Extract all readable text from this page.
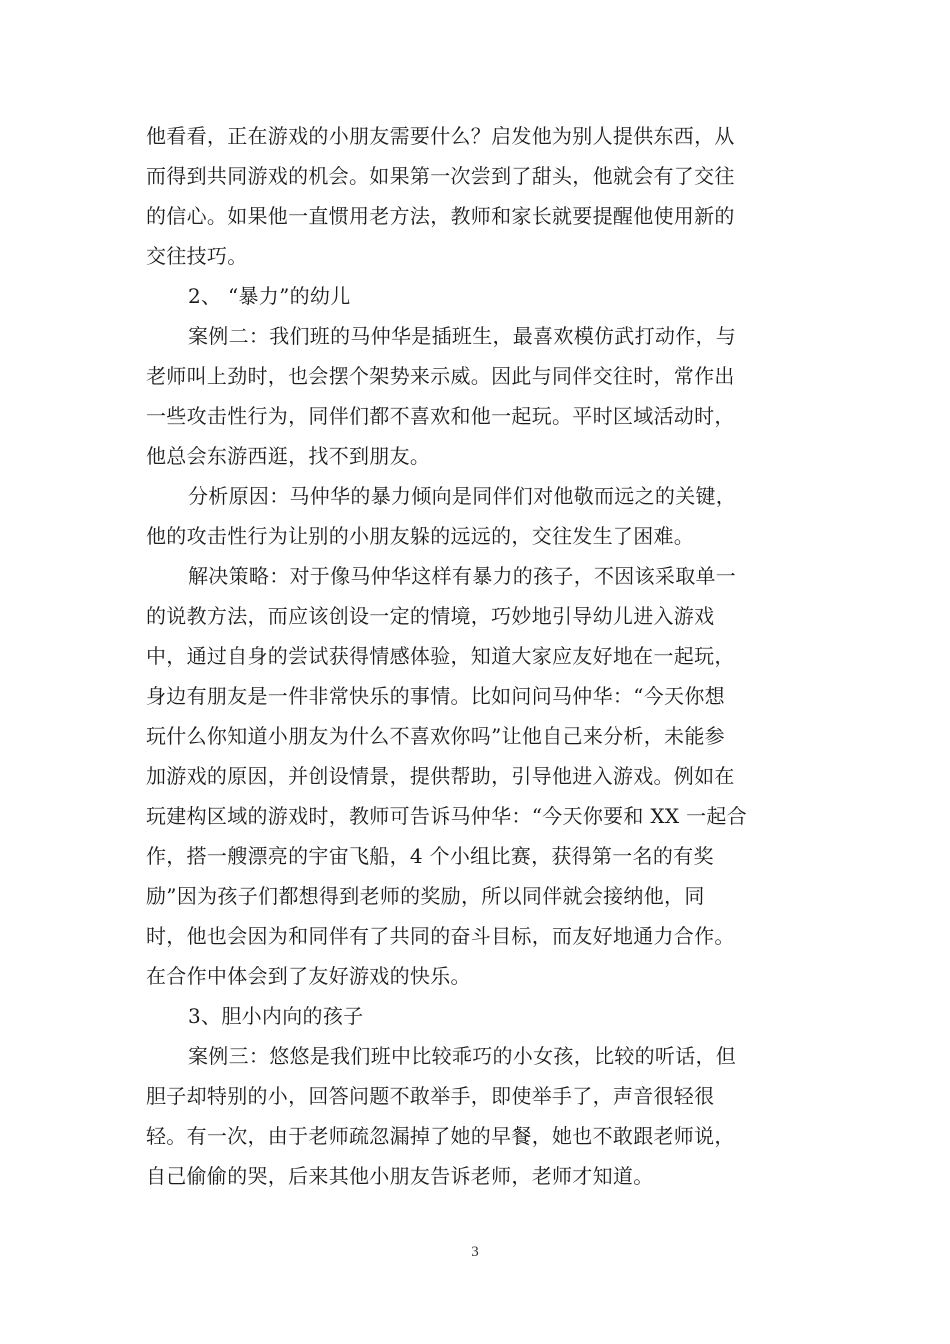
他看看，正在游戏的小朋友需要什么？启发他为别人提供东西，从
而得到共同游戏的机会。如果第一次尝到了甜头，他就会有了交往
的信心。如果他一直惯用老方法，教师和家长就要提醒他使用新的
交往技巧。
2、 “暴力”的幼儿
案例二：我们班的马仲华是插班生，最喜欢模仿武打动作，与
老师叫上劲时，也会摆个架势来示威。因此与同伴交往时，常作出
一些攻击性行为，同伴们都不喜欢和他一起玩。平时区域活动时，
他总会东游西逛，找不到朋友。
分析原因：马仲华的暴力倾向是同伴们对他敬而远之的关键，
他的攻击性行为让别的小朋友躲的远远的，交往发生了困难。
解决策略：对于像马仲华这样有暴力的孩子，不因该采取单一
的说教方法，而应该创设一定的情境，巧妙地引导幼儿进入游戏
中，通过自身的尝试获得情感体验，知道大家应友好地在一起玩，
身边有朋友是一件非常快乐的事情。比如问问马仲华：“今天你想
玩什么你知道小朋友为什么不喜欢你吗”让他自己来分析，未能参
加游戏的原因，并创设情景，提供帮助，引导他进入游戏。例如在
玩建构区域的游戏时，教师可告诉马仲华：“今天你要和 XX 一起合
作，搭一艘漂亮的宇宙飞船，4 个小组比赛，获得第一名的有奖
励”因为孩子们都想得到老师的奖励，所以同伴就会接纳他，同
时，他也会因为和同伴有了共同的奋斗目标，而友好地通力合作。
在合作中体会到了友好游戏的快乐。
3、胆小内向的孩子
案例三：悠悠是我们班中比较乖巧的小女孩，比较的听话，但
胆子却特别的小，回答问题不敢举手，即使举手了，声音很轻很
轻。有一次，由于老师疏忽漏掉了她的早餐，她也不敢跟老师说，
自己偷偷的哭，后来其他小朋友告诉老师，老师才知道。
3
